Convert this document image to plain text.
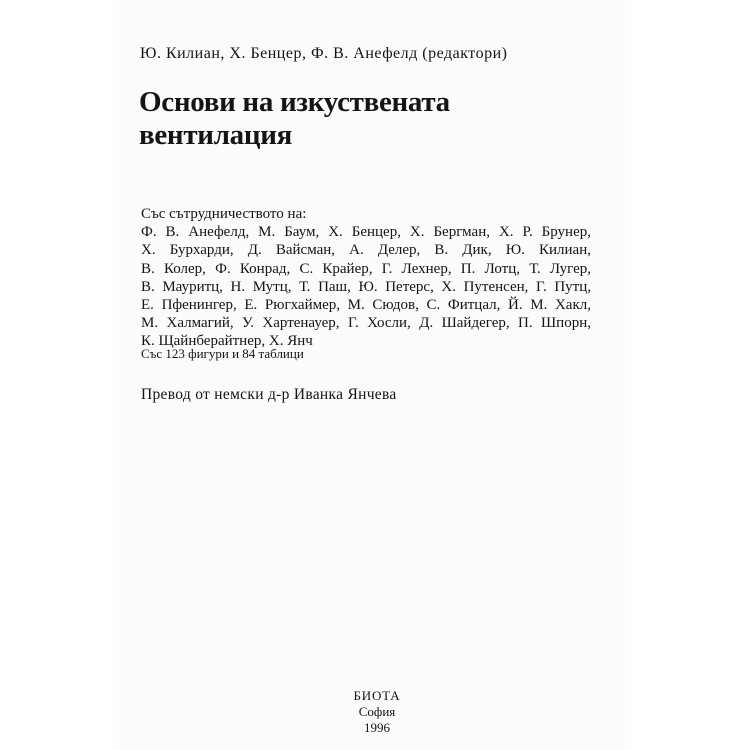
Ю. Килиан, Х. Бенцер, Ф. В. Анефелд (редактори)
Основи на изкуствената
вентилация
Със сътрудничеството на:
Ф. В. Анефелд, М. Баум, Х. Бенцер, Х. Бергман, Х. Р. Брунер,
Х. Бурхарди, Д. Вайсман, А. Делер, В. Дик, Ю. Килиан,
В. Колер, Ф. Конрад, С. Крайер, Г. Лехнер, П. Лотц, Т. Лугер,
В. Мауритц, Н. Мутц, Т. Паш, Ю. Петерс, Х. Путенсен, Г. Путц,
Е. Пфенингер, Е. Рюгхаймер, М. Сюдов, С. Фитцал, Й. М. Хакл,
М. Халмагий, У. Хартенауер, Г. Хосли, Д. Шайдегер, П. Шпорн,
К. Щайнберайтнер, Х. Янч
Със 123 фигури и 84 таблици
Превод от немски д-р Иванка Янчева
БИОТА
София
1996
